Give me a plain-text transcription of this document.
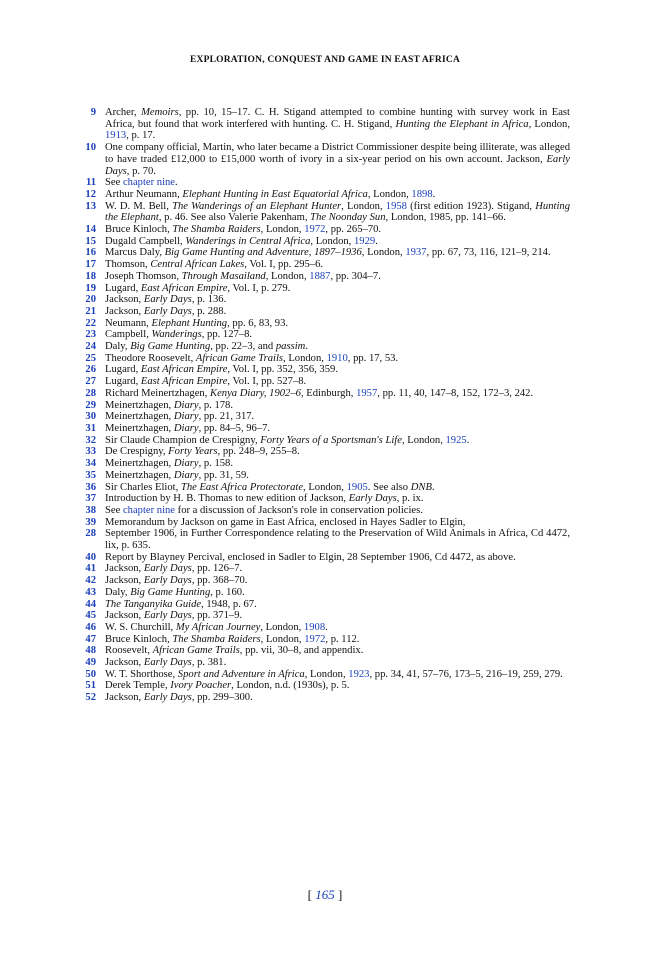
EXPLORATION, CONQUEST AND GAME IN EAST AFRICA
9 Archer, Memoirs, pp. 10, 15–17. C. H. Stigand attempted to combine hunting with survey work in East Africa, but found that work interfered with hunting. C. H. Stigand, Hunting the Elephant in Africa, London, 1913, p. 17.
10 One company official, Martin, who later became a District Commissioner despite being illiterate, was alleged to have traded £12,000 to £15,000 worth of ivory in a six-year period on his own account. Jackson, Early Days, p. 70.
11 See chapter nine.
12 Arthur Neumann, Elephant Hunting in East Equatorial Africa, London, 1898.
13 W. D. M. Bell, The Wanderings of an Elephant Hunter, London, 1958 (first edition 1923). Stigand, Hunting the Elephant, p. 46. See also Valerie Pakenham, The Noonday Sun, London, 1985, pp. 141–66.
14 Bruce Kinloch, The Shamba Raiders, London, 1972, pp. 265–70.
15 Dugald Campbell, Wanderings in Central Africa, London, 1929.
16 Marcus Daly, Big Game Hunting and Adventure, 1897–1936, London, 1937, pp. 67, 73, 116, 121–9, 214.
17 Thomson, Central African Lakes, Vol. I, pp. 295–6.
18 Joseph Thomson, Through Masailand, London, 1887, pp. 304–7.
19 Lugard, East African Empire, Vol. I, p. 279.
20 Jackson, Early Days, p. 136.
21 Jackson, Early Days, p. 288.
22 Neumann, Elephant Hunting, pp. 6, 83, 93.
23 Campbell, Wanderings, pp. 127–8.
24 Daly, Big Game Hunting, pp. 22–3, and passim.
25 Theodore Roosevelt, African Game Trails, London, 1910, pp. 17, 53.
26 Lugard, East African Empire, Vol. I, pp. 352, 356, 359.
27 Lugard, East African Empire, Vol. I, pp. 527–8.
28 Richard Meinertzhagen, Kenya Diary, 1902–6, Edinburgh, 1957, pp. 11, 40, 147–8, 152, 172–3, 242.
29 Meinertzhagen, Diary, p. 178.
30 Meinertzhagen, Diary, pp. 21, 317.
31 Meinertzhagen, Diary, pp. 84–5, 96–7.
32 Sir Claude Champion de Crespigny, Forty Years of a Sportsman's Life, London, 1925.
33 De Crespigny, Forty Years, pp. 248–9, 255–8.
34 Meinertzhagen, Diary, p. 158.
35 Meinertzhagen, Diary, pp. 31, 59.
36 Sir Charles Eliot, The East Africa Protectorate, London, 1905. See also DNB.
37 Introduction by H. B. Thomas to new edition of Jackson, Early Days, p. ix.
38 See chapter nine for a discussion of Jackson's role in conservation policies.
39 Memorandum by Jackson on game in East Africa, enclosed in Hayes Sadler to Elgin,
28 September 1906, in Further Correspondence relating to the Preservation of Wild Animals in Africa, Cd 4472, lix, p. 635.
40 Report by Blayney Percival, enclosed in Sadler to Elgin, 28 September 1906, Cd 4472, as above.
41 Jackson, Early Days, pp. 126–7.
42 Jackson, Early Days, pp. 368–70.
43 Daly, Big Game Hunting, p. 160.
44 The Tanganyika Guide, 1948, p. 67.
45 Jackson, Early Days, pp. 371–9.
46 W. S. Churchill, My African Journey, London, 1908.
47 Bruce Kinloch, The Shamba Raiders, London, 1972, p. 112.
48 Roosevelt, African Game Trails, pp. vii, 30–8, and appendix.
49 Jackson, Early Days, p. 381.
50 W. T. Shorthose, Sport and Adventure in Africa, London, 1923, pp. 34, 41, 57–76, 173–5, 216–19, 259, 279.
51 Derek Temple, Ivory Poacher, London, n.d. (1930s), p. 5.
52 Jackson, Early Days, pp. 299–300.
[ 165 ]
